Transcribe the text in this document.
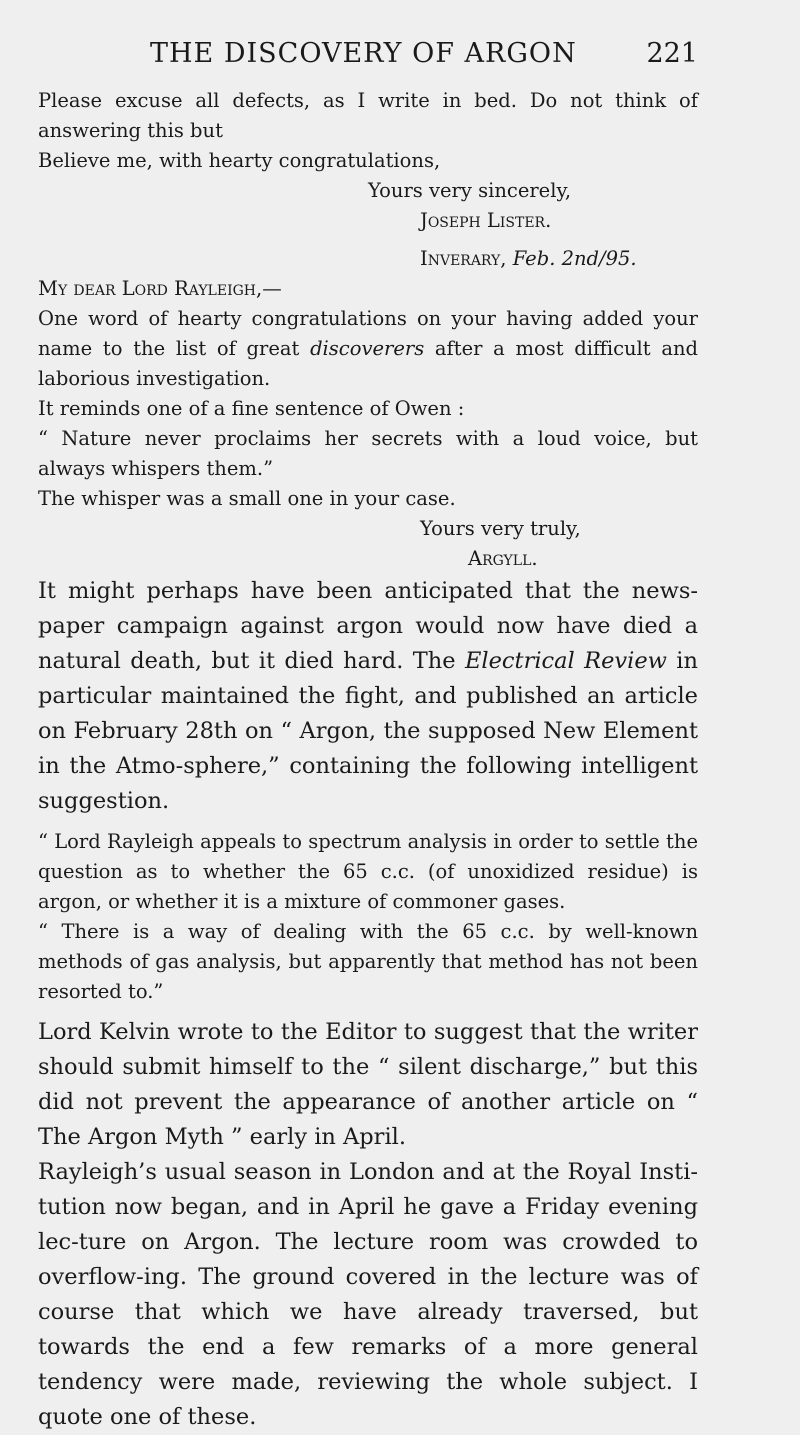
THE DISCOVERY OF ARGON	221

Please excuse all defects, as I write in bed. Do not think of answering this but

Believe me, with hearty congratulations,

Yours very sincerely,

Joseph Lister.

Inverary, Feb. 2nd/95.

My dear Lord Rayleigh,—

One word of hearty congratulations on your having added your name to the list of great discoverers after a most difficult and laborious investigation.

It reminds one of a fine sentence of Owen :

“ Nature never proclaims her secrets with a loud voice, but always whispers them.”

The whisper was a small one in your case.

Yours very truly,

Argyll.

It might perhaps have been anticipated that the news-paper campaign against argon would now have died a natural death, but it died hard. The Electrical Review in particular maintained the fight, and published an article on February 28th on “ Argon, the supposed New Element in the Atmo-sphere,” containing the following intelligent suggestion.

“ Lord Rayleigh appeals to spectrum analysis in order to settle the question as to whether the 65 c.c. (of unoxidized residue) is argon, or whether it is a mixture of commoner gases.

“ There is a way of dealing with the 65 c.c. by well-known methods of gas analysis, but apparently that method has not been resorted to.”

Lord Kelvin wrote to the Editor to suggest that the writer should submit himself to the “ silent discharge,” but this did not prevent the appearance of another article on “ The Argon Myth ” early in April.

Rayleigh’s usual season in London and at the Royal Insti-tution now began, and in April he gave a Friday evening lec-ture on Argon. The lecture room was crowded to overflow-ing. The ground covered in the lecture was of course that which we have already traversed, but towards the end a few remarks of a more general tendency were made, reviewing the whole subject. I quote one of these.
